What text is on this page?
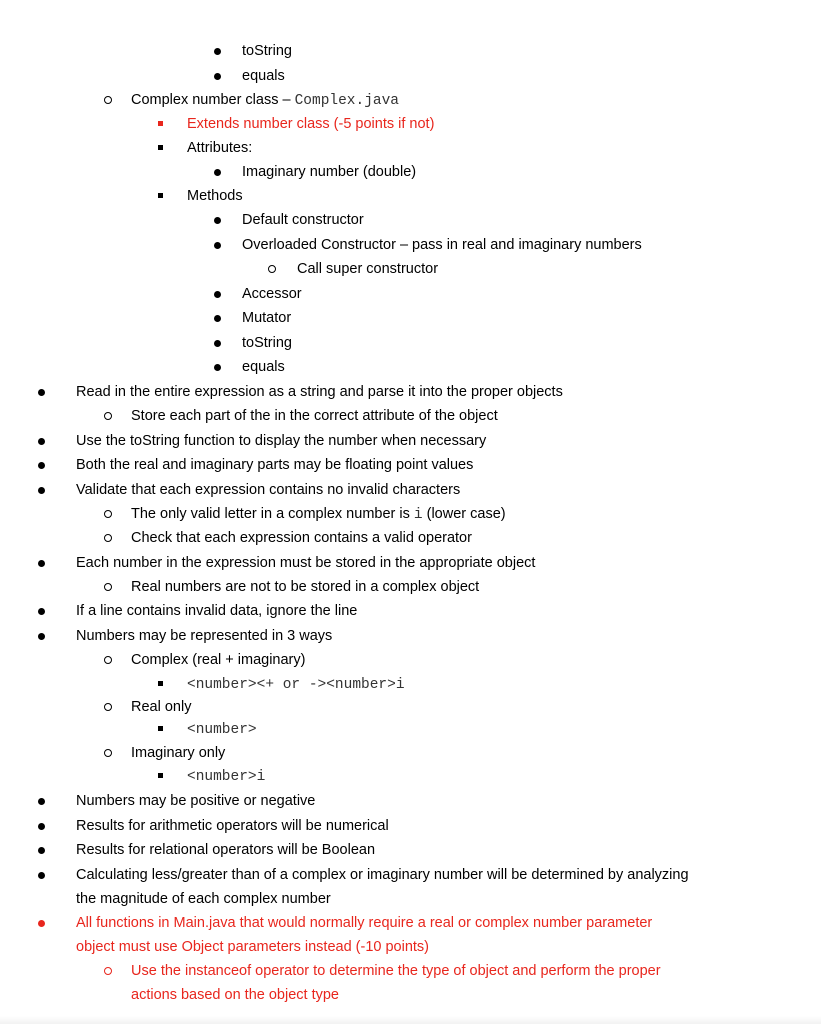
toString
equals
Complex number class – Complex.java
Extends number class (-5 points if not)
Attributes:
Imaginary number (double)
Methods
Default constructor
Overloaded Constructor – pass in real and imaginary numbers
Call super constructor
Accessor
Mutator
toString
equals
Read in the entire expression as a string and parse it into the proper objects
Store each part of the in the correct attribute of the object
Use the toString function to display the number when necessary
Both the real and imaginary parts may be floating point values
Validate that each expression contains no invalid characters
The only valid letter in a complex number is i (lower case)
Check that each expression contains a valid operator
Each number in the expression must be stored in the appropriate object
Real numbers are not to be stored in a complex object
If a line contains invalid data, ignore the line
Numbers may be represented in 3 ways
Complex (real + imaginary)
<number><+ or -><number>i
Real only
<number>
Imaginary only
<number>i
Numbers may be positive or negative
Results for arithmetic operators will be numerical
Results for relational operators will be Boolean
Calculating less/greater than of a complex or imaginary number will be determined by analyzing
the magnitude of each complex number
All functions in Main.java that would normally require a real or complex number parameter
object must use Object parameters instead (-10 points)
Use the instanceof operator to determine the type of object and perform the proper
actions based on the object type
